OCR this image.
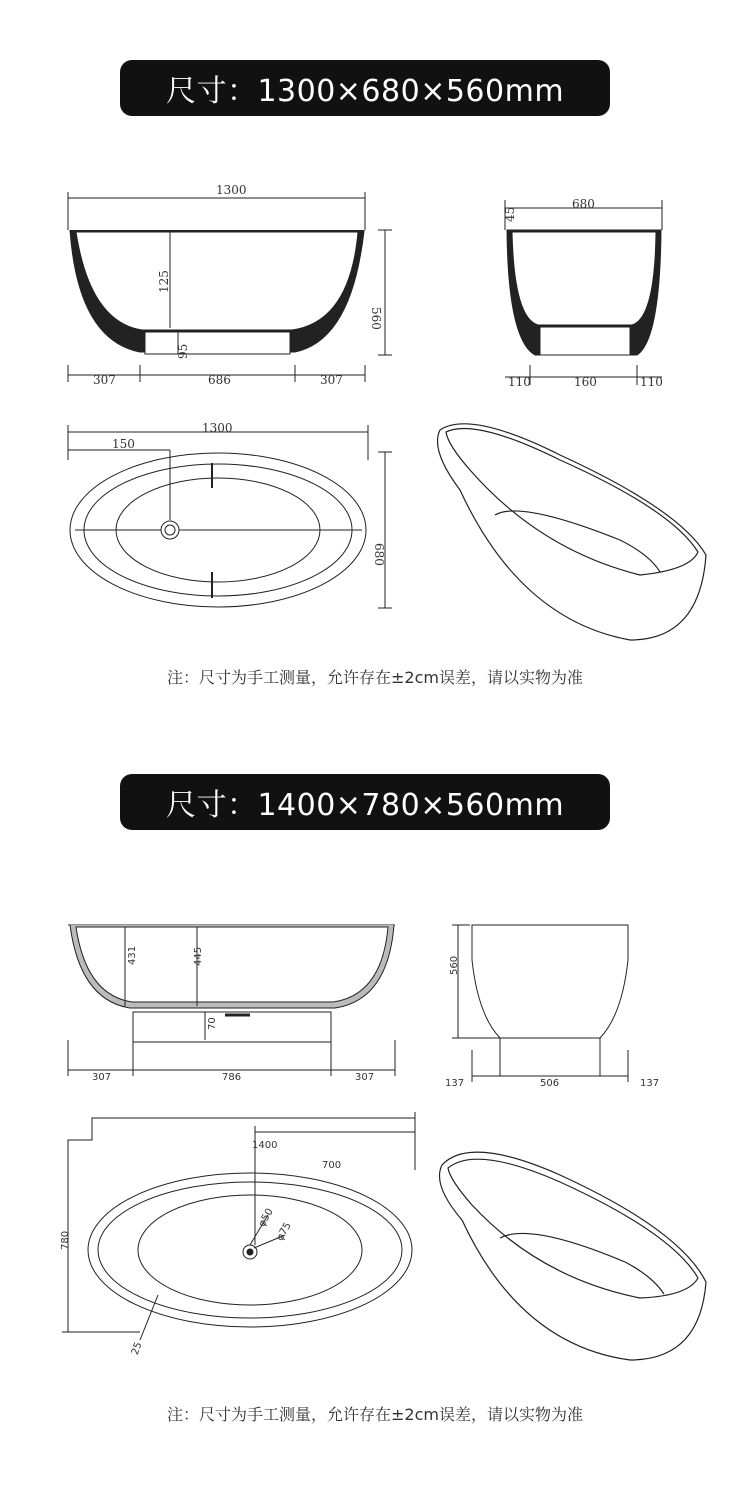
尺寸：1300×680×560mm
1300
560
125
95
307	686	307
680
45
110	160	110
1300
150
680
注：尺寸为手工测量，允许存在±2cm误差，请以实物为准
尺寸：1400×780×560mm
431	445
70
307	786	307
560
137	506	137
1400
700
780
φ50
φ75
25
注：尺寸为手工测量，允许存在±2cm误差，请以实物为准
